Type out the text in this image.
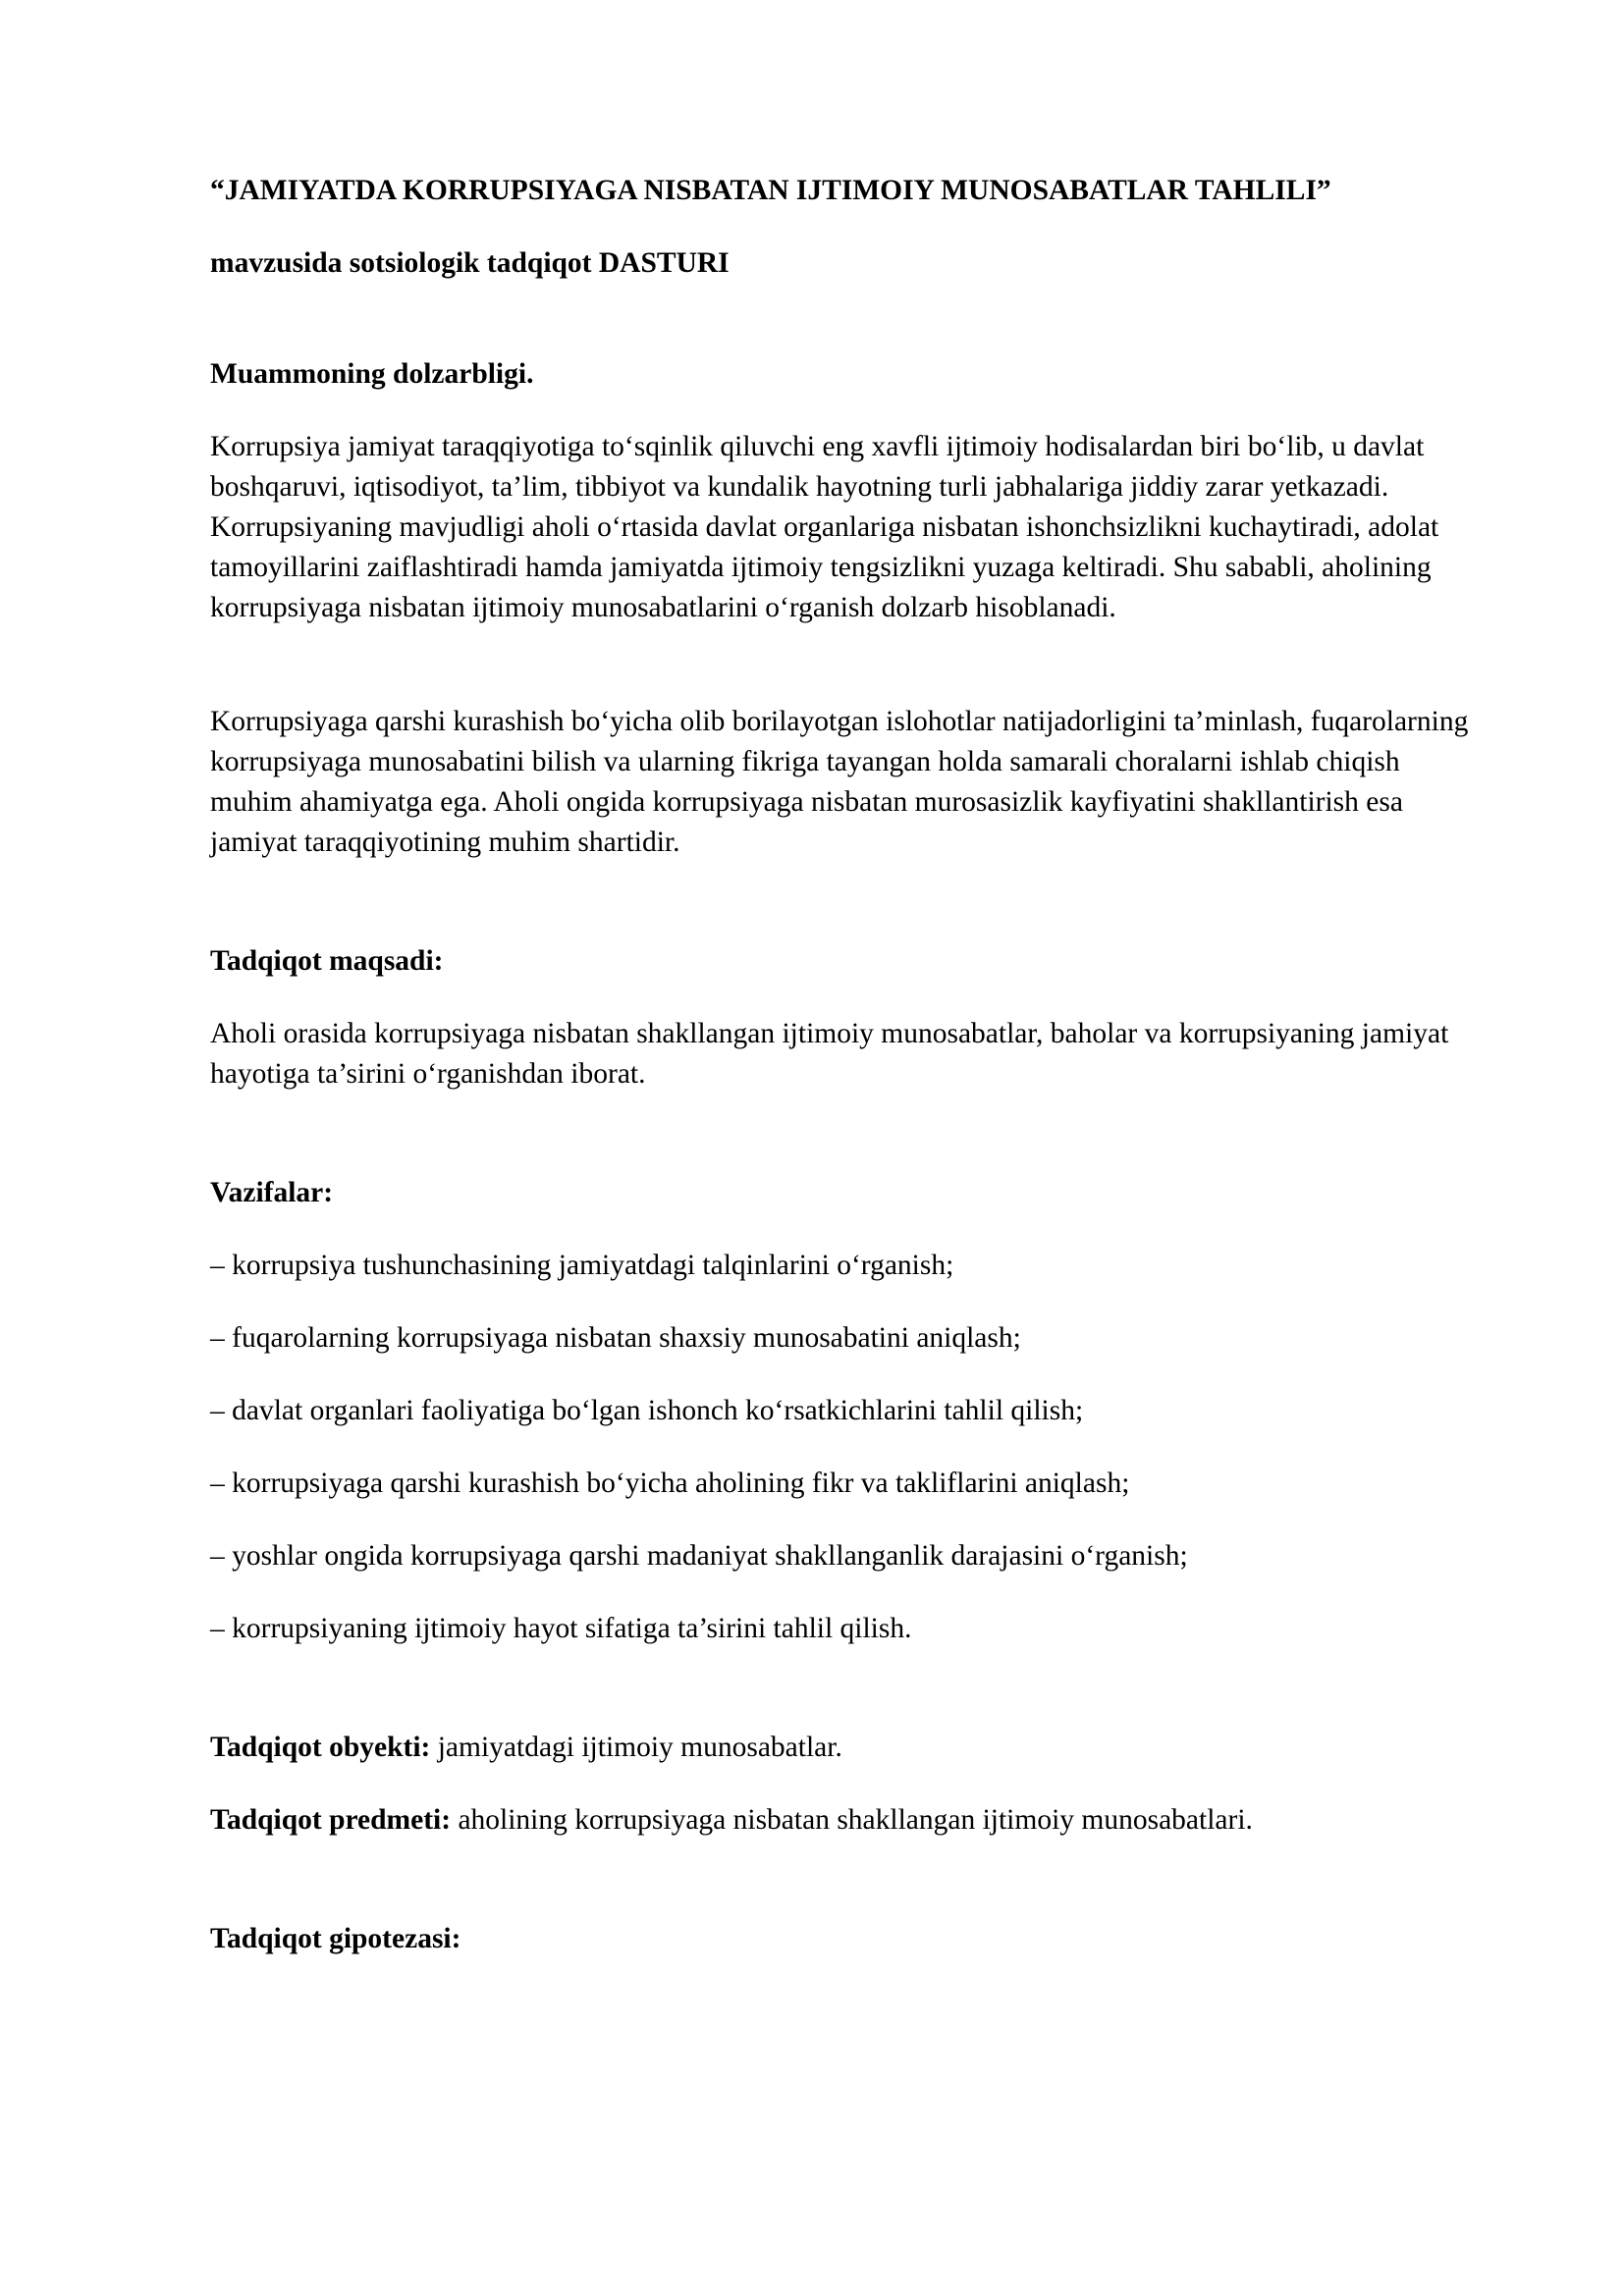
“JAMIYATDA KORRUPSIYAGA NISBATAN IJTIMOIY MUNOSABATLAR TAHLILI”

mavzusida sotsiologik tadqiqot DASTURI

Muammoning dolzarbligi.

Korrupsiya jamiyat taraqqiyotiga to‘sqinlik qiluvchi eng xavfli ijtimoiy hodisalardan biri bo‘lib, u davlat boshqaruvi, iqtisodiyot, ta’lim, tibbiyot va kundalik hayotning turli jabhalariga jiddiy zarar yetkazadi. Korrupsiyaning mavjudligi aholi o‘rtasida davlat organlariga nisbatan ishonchsizlikni kuchaytiradi, adolat tamoyillarini zaiflashtiradi hamda jamiyatda ijtimoiy tengsizlikni yuzaga keltiradi. Shu sababli, aholining korrupsiyaga nisbatan ijtimoiy munosabatlarini o‘rganish dolzarb hisoblanadi.

Korrupsiyaga qarshi kurashish bo‘yicha olib borilayotgan islohotlar natijadorligini ta’minlash, fuqarolarning korrupsiyaga munosabatini bilish va ularning fikriga tayangan holda samarali choralarni ishlab chiqish muhim ahamiyatga ega. Aholi ongida korrupsiyaga nisbatan murosasizlik kayfiyatini shakllantirish esa jamiyat taraqqiyotining muhim shartidir.

Tadqiqot maqsadi:

Aholi orasida korrupsiyaga nisbatan shakllangan ijtimoiy munosabatlar, baholar va korrupsiyaning jamiyat hayotiga ta’sirini o‘rganishdan iborat.

Vazifalar:

– korrupsiya tushunchasining jamiyatdagi talqinlarini o‘rganish;

– fuqarolarning korrupsiyaga nisbatan shaxsiy munosabatini aniqlash;

– davlat organlari faoliyatiga bo‘lgan ishonch ko‘rsatkichlarini tahlil qilish;

– korrupsiyaga qarshi kurashish bo‘yicha aholining fikr va takliflarini aniqlash;

– yoshlar ongida korrupsiyaga qarshi madaniyat shakllanganlik darajasini o‘rganish;

– korrupsiyaning ijtimoiy hayot sifatiga ta’sirini tahlil qilish.

Tadqiqot obyekti: jamiyatdagi ijtimoiy munosabatlar.

Tadqiqot predmeti: aholining korrupsiyaga nisbatan shakllangan ijtimoiy munosabatlari.

Tadqiqot gipotezasi:
